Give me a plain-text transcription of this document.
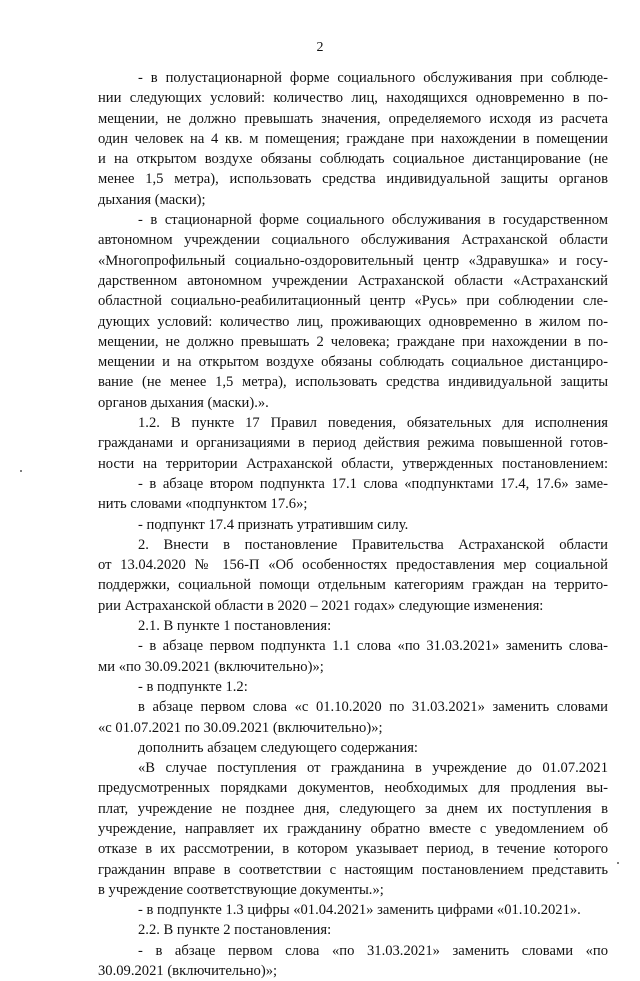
2
- в полустационарной форме социального обслуживания при соблюде-
нии следующих условий: количество лиц, находящихся одновременно в по-
мещении, не должно превышать значения, определяемого исходя из расчета
один человек на 4 кв. м помещения; граждане при нахождении в помещении
и на открытом воздухе обязаны соблюдать социальное дистанцирование (не
менее 1,5 метра), использовать средства индивидуальной защиты органов
дыхания (маски);
- в стационарной форме социального обслуживания в государственном
автономном учреждении социального обслуживания Астраханской области
«Многопрофильный социально-оздоровительный центр «Здравушка» и госу-
дарственном автономном учреждении Астраханской области «Астраханский
областной социально-реабилитационный центр «Русь» при соблюдении сле-
дующих условий: количество лиц, проживающих одновременно в жилом по-
мещении, не должно превышать 2 человека; граждане при нахождении в по-
мещении и на открытом воздухе обязаны соблюдать социальное дистанциро-
вание (не менее 1,5 метра), использовать средства индивидуальной защиты
органов дыхания (маски).».
1.2. В пункте 17 Правил поведения, обязательных для исполнения
гражданами и организациями в период действия режима повышенной готов-
ности на территории Астраханской области, утвержденных постановлением:
- в абзаце втором подпункта 17.1 слова «подпунктами 17.4, 17.6» заме-
нить словами «подпунктом 17.6»;
- подпункт 17.4 признать утратившим силу.
2. Внести в постановление Правительства Астраханской области
от 13.04.2020 № 156-П «Об особенностях предоставления мер социальной
поддержки, социальной помощи отдельным категориям граждан на террито-
рии Астраханской области в 2020 – 2021 годах» следующие изменения:
2.1. В пункте 1 постановления:
- в абзаце первом подпункта 1.1 слова «по 31.03.2021» заменить слова-
ми «по 30.09.2021 (включительно)»;
- в подпункте 1.2:
в абзаце первом слова «с 01.10.2020 по 31.03.2021» заменить словами
«с 01.07.2021 по 30.09.2021 (включительно)»;
дополнить абзацем следующего содержания:
«В случае поступления от гражданина в учреждение до 01.07.2021
предусмотренных порядками документов, необходимых для продления вы-
плат, учреждение не позднее дня, следующего за днем их поступления в
учреждение, направляет их гражданину обратно вместе с уведомлением об
отказе в их рассмотрении, в котором указывает период, в течение которого
гражданин вправе в соответствии с настоящим постановлением представить
в учреждение соответствующие документы.»;
- в подпункте 1.3 цифры «01.04.2021» заменить цифрами «01.10.2021».
2.2. В пункте 2 постановления:
- в абзаце первом слова «по 31.03.2021» заменить словами «по
30.09.2021 (включительно)»;
